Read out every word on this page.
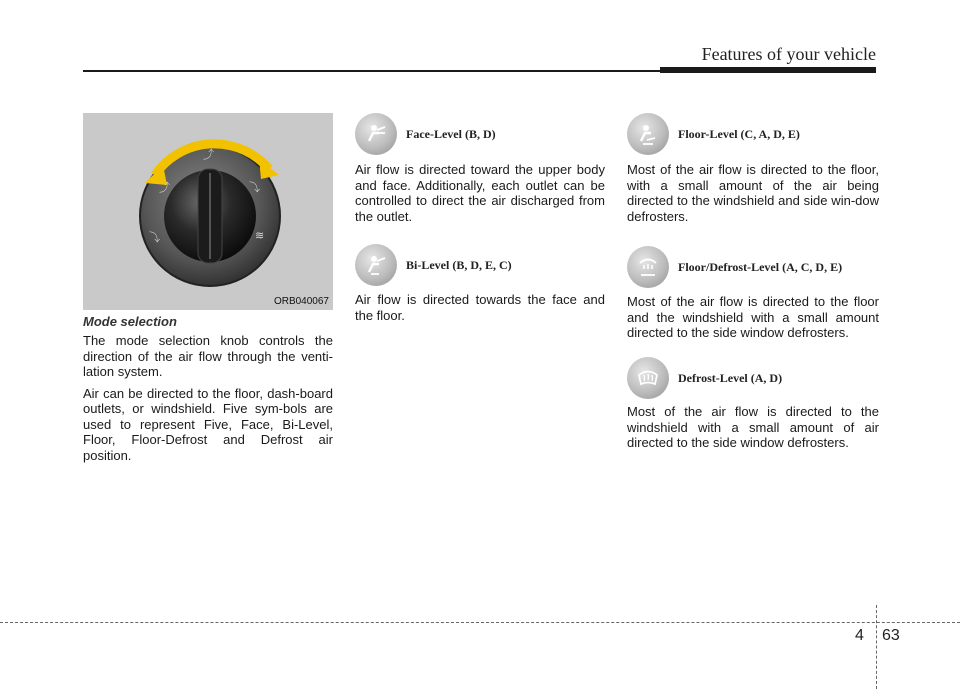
Features of your vehicle
⤴
⤴	⤵
⤵	≋
ORB040067
Mode selection

The mode selection knob controls the direction of the air flow through the venti-lation system.

Air can be directed to the floor, dash-board outlets, or windshield. Five sym-bols are used to represent Five, Face, Bi-Level, Floor, Floor-Defrost and Defrost air position.

Face-Level (B, D)

Air flow is directed toward the upper body and face. Additionally, each outlet can be controlled to direct the air discharged from the outlet.

Bi-Level (B, D, E, C)

Air flow is directed towards the face and the floor.

Floor-Level (C, A, D, E)

Most of the air flow is directed to the floor, with a small amount of the air being directed to the windshield and side win-dow defrosters.

Floor/Defrost-Level (A, C, D, E)

Most of the air flow is directed to the floor and the windshield with a small amount directed to the side window defrosters.

Defrost-Level (A, D)

Most of the air flow is directed to the windshield with a small amount of air directed to the side window defrosters.

4 63
